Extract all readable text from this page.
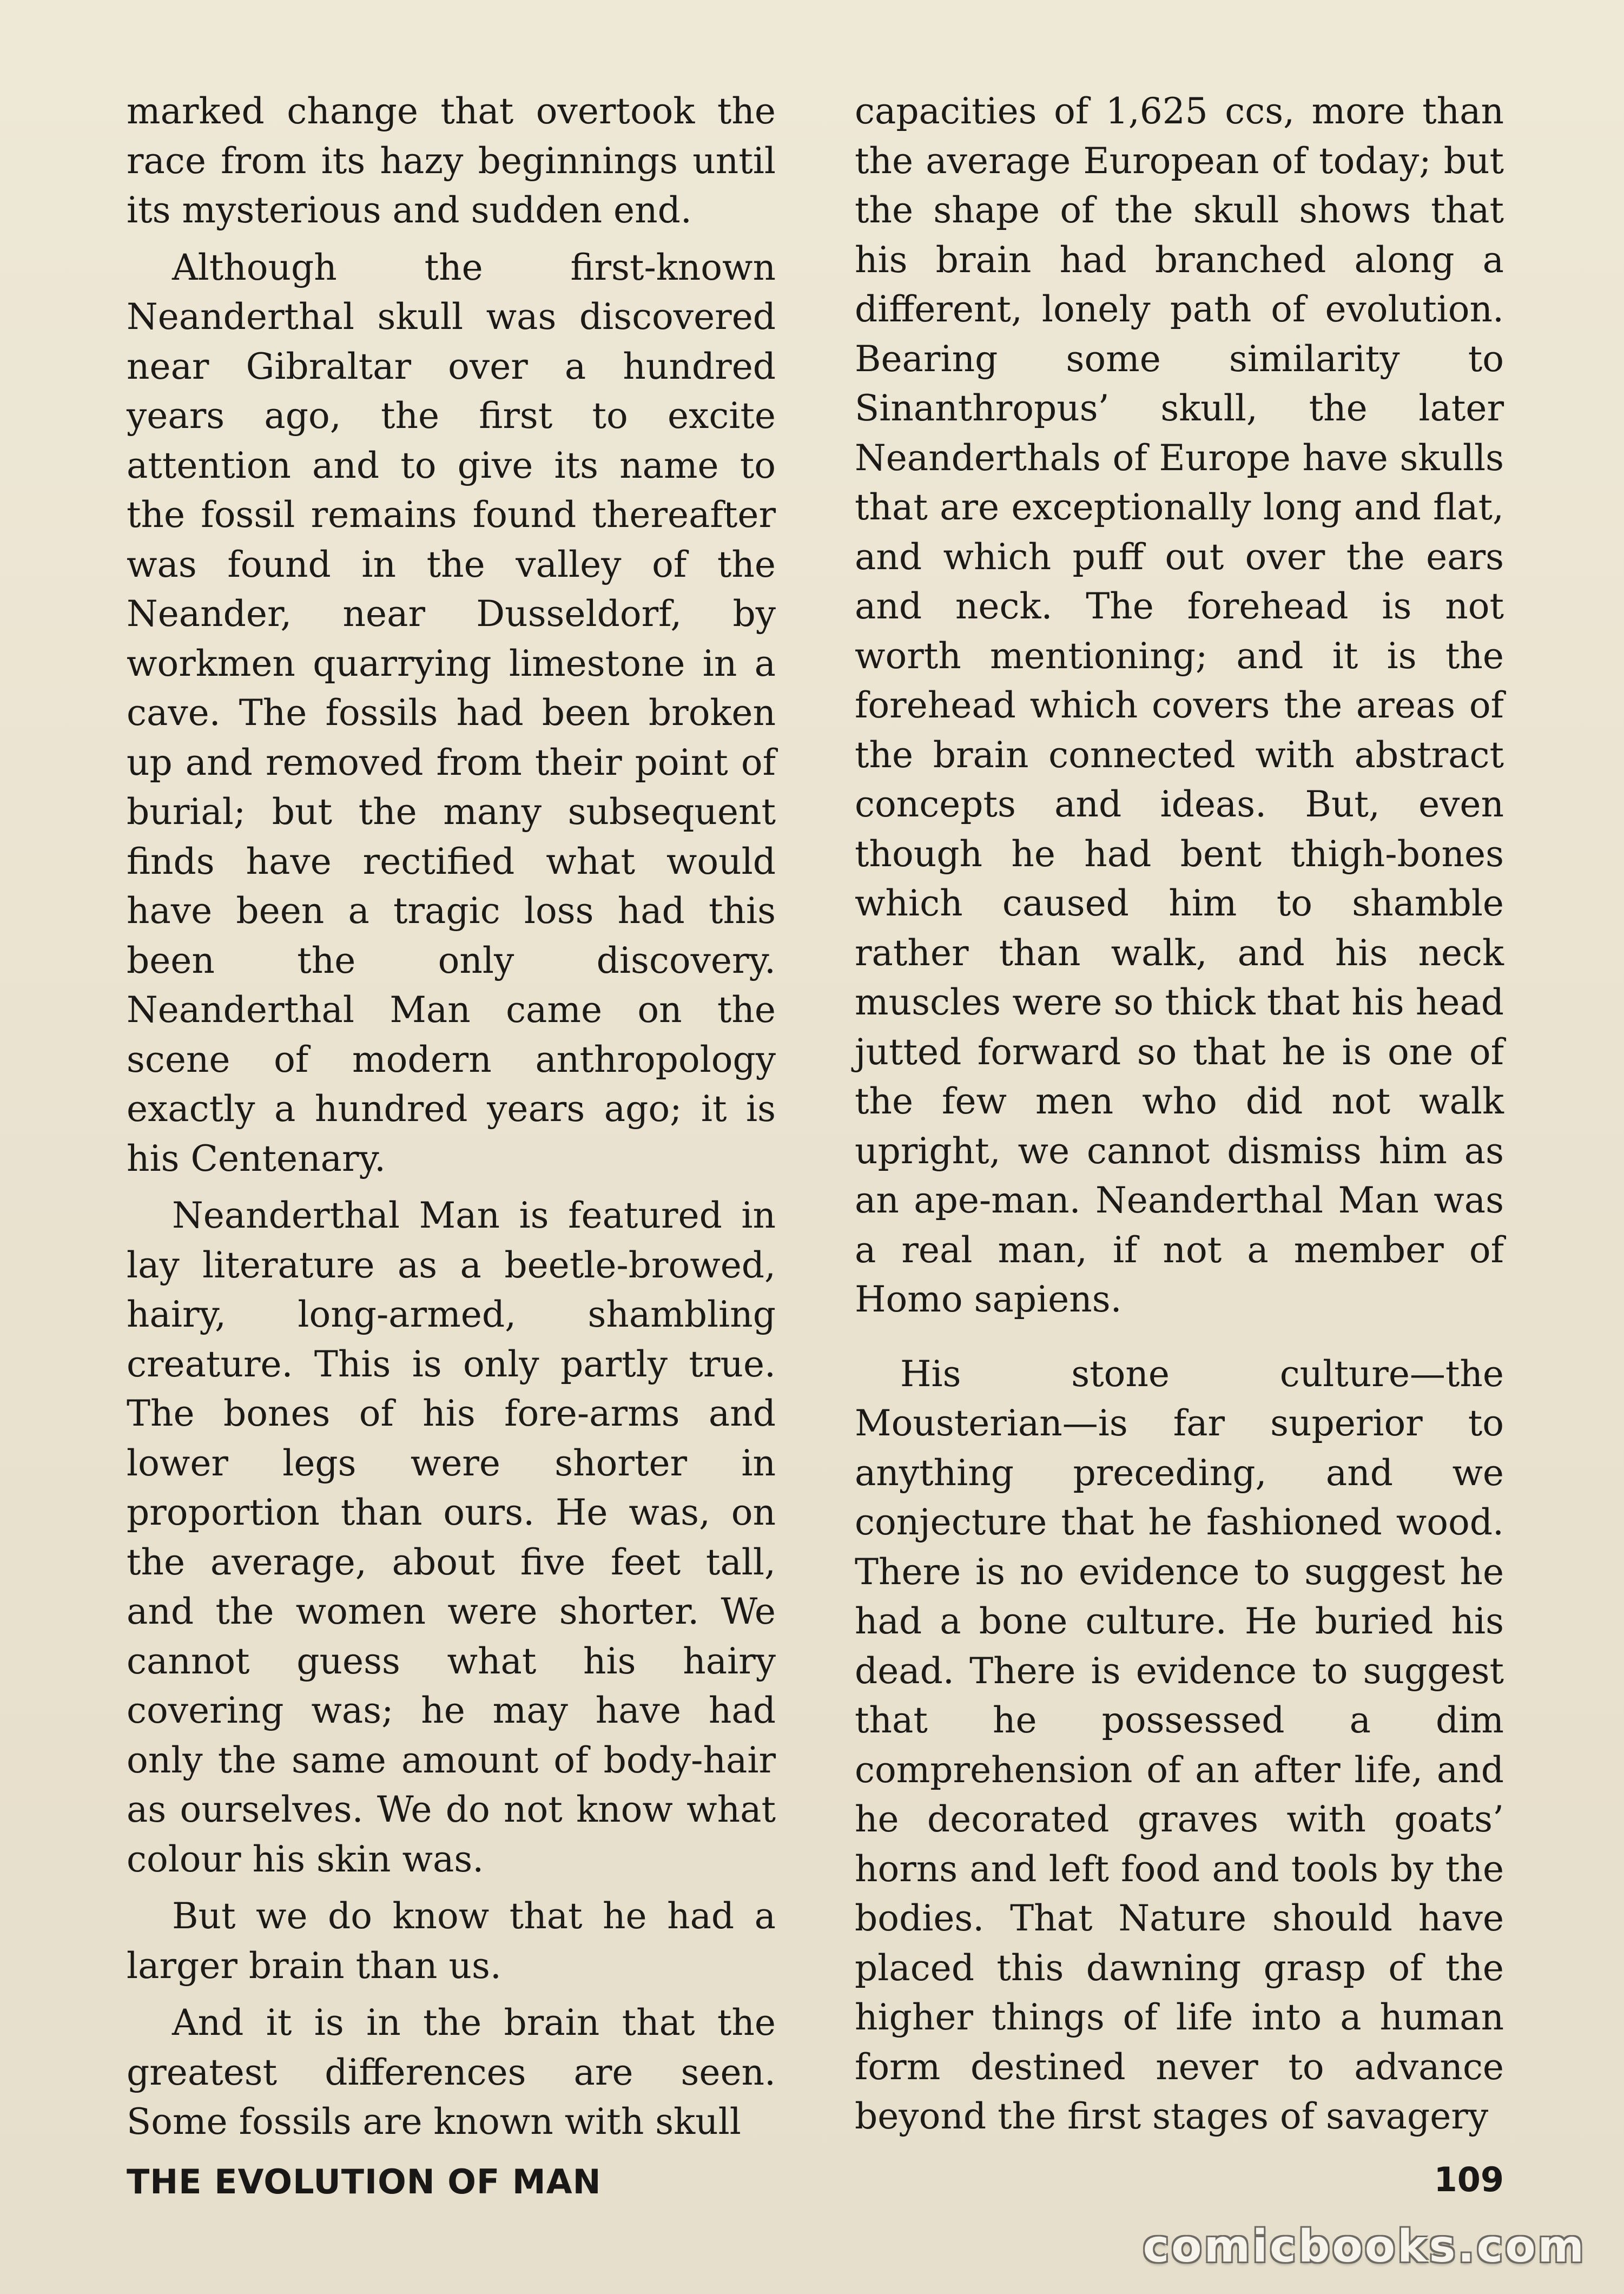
marked change that overtook the race from its hazy beginnings until its mysterious and sudden end.

Although the first-known Neanderthal skull was discovered near Gibraltar over a hundred years ago, the first to excite attention and to give its name to the fossil remains found thereafter was found in the valley of the Neander, near Dusseldorf, by workmen quarrying limestone in a cave. The fossils had been broken up and removed from their point of burial; but the many subsequent finds have rectified what would have been a tragic loss had this been the only discovery. Neanderthal Man came on the scene of modern anthropology exactly a hundred years ago; it is his Centenary.

Neanderthal Man is featured in lay literature as a beetle-browed, hairy, long-armed, shambling creature. This is only partly true. The bones of his fore-arms and lower legs were shorter in proportion than ours. He was, on the average, about five feet tall, and the women were shorter. We cannot guess what his hairy covering was; he may have had only the same amount of body-hair as ourselves. We do not know what colour his skin was.

But we do know that he had a larger brain than us.

And it is in the brain that the greatest differences are seen. Some fossils are known with skull

capacities of 1,625 ccs, more than the average European of today; but the shape of the skull shows that his brain had branched along a different, lonely path of evolution. Bearing some similarity to Sinanthropus’ skull, the later Neanderthals of Europe have skulls that are exceptionally long and flat, and which puff out over the ears and neck. The forehead is not worth mentioning; and it is the forehead which covers the areas of the brain connected with abstract concepts and ideas. But, even though he had bent thigh-bones which caused him to shamble rather than walk, and his neck muscles were so thick that his head jutted forward so that he is one of the few men who did not walk upright, we cannot dismiss him as an ape-man. Neanderthal Man was a real man, if not a member of Homo sapiens.

His stone culture—the Mousterian—is far superior to anything preceding, and we conjecture that he fashioned wood. There is no evidence to suggest he had a bone culture. He buried his dead. There is evidence to suggest that he possessed a dim comprehension of an after life, and he decorated graves with goats’ horns and left food and tools by the bodies. That Nature should have placed this dawning grasp of the higher things of life into a human form destined never to advance beyond the first stages of savagery

THE EVOLUTION OF MAN	109

comicbooks.com
